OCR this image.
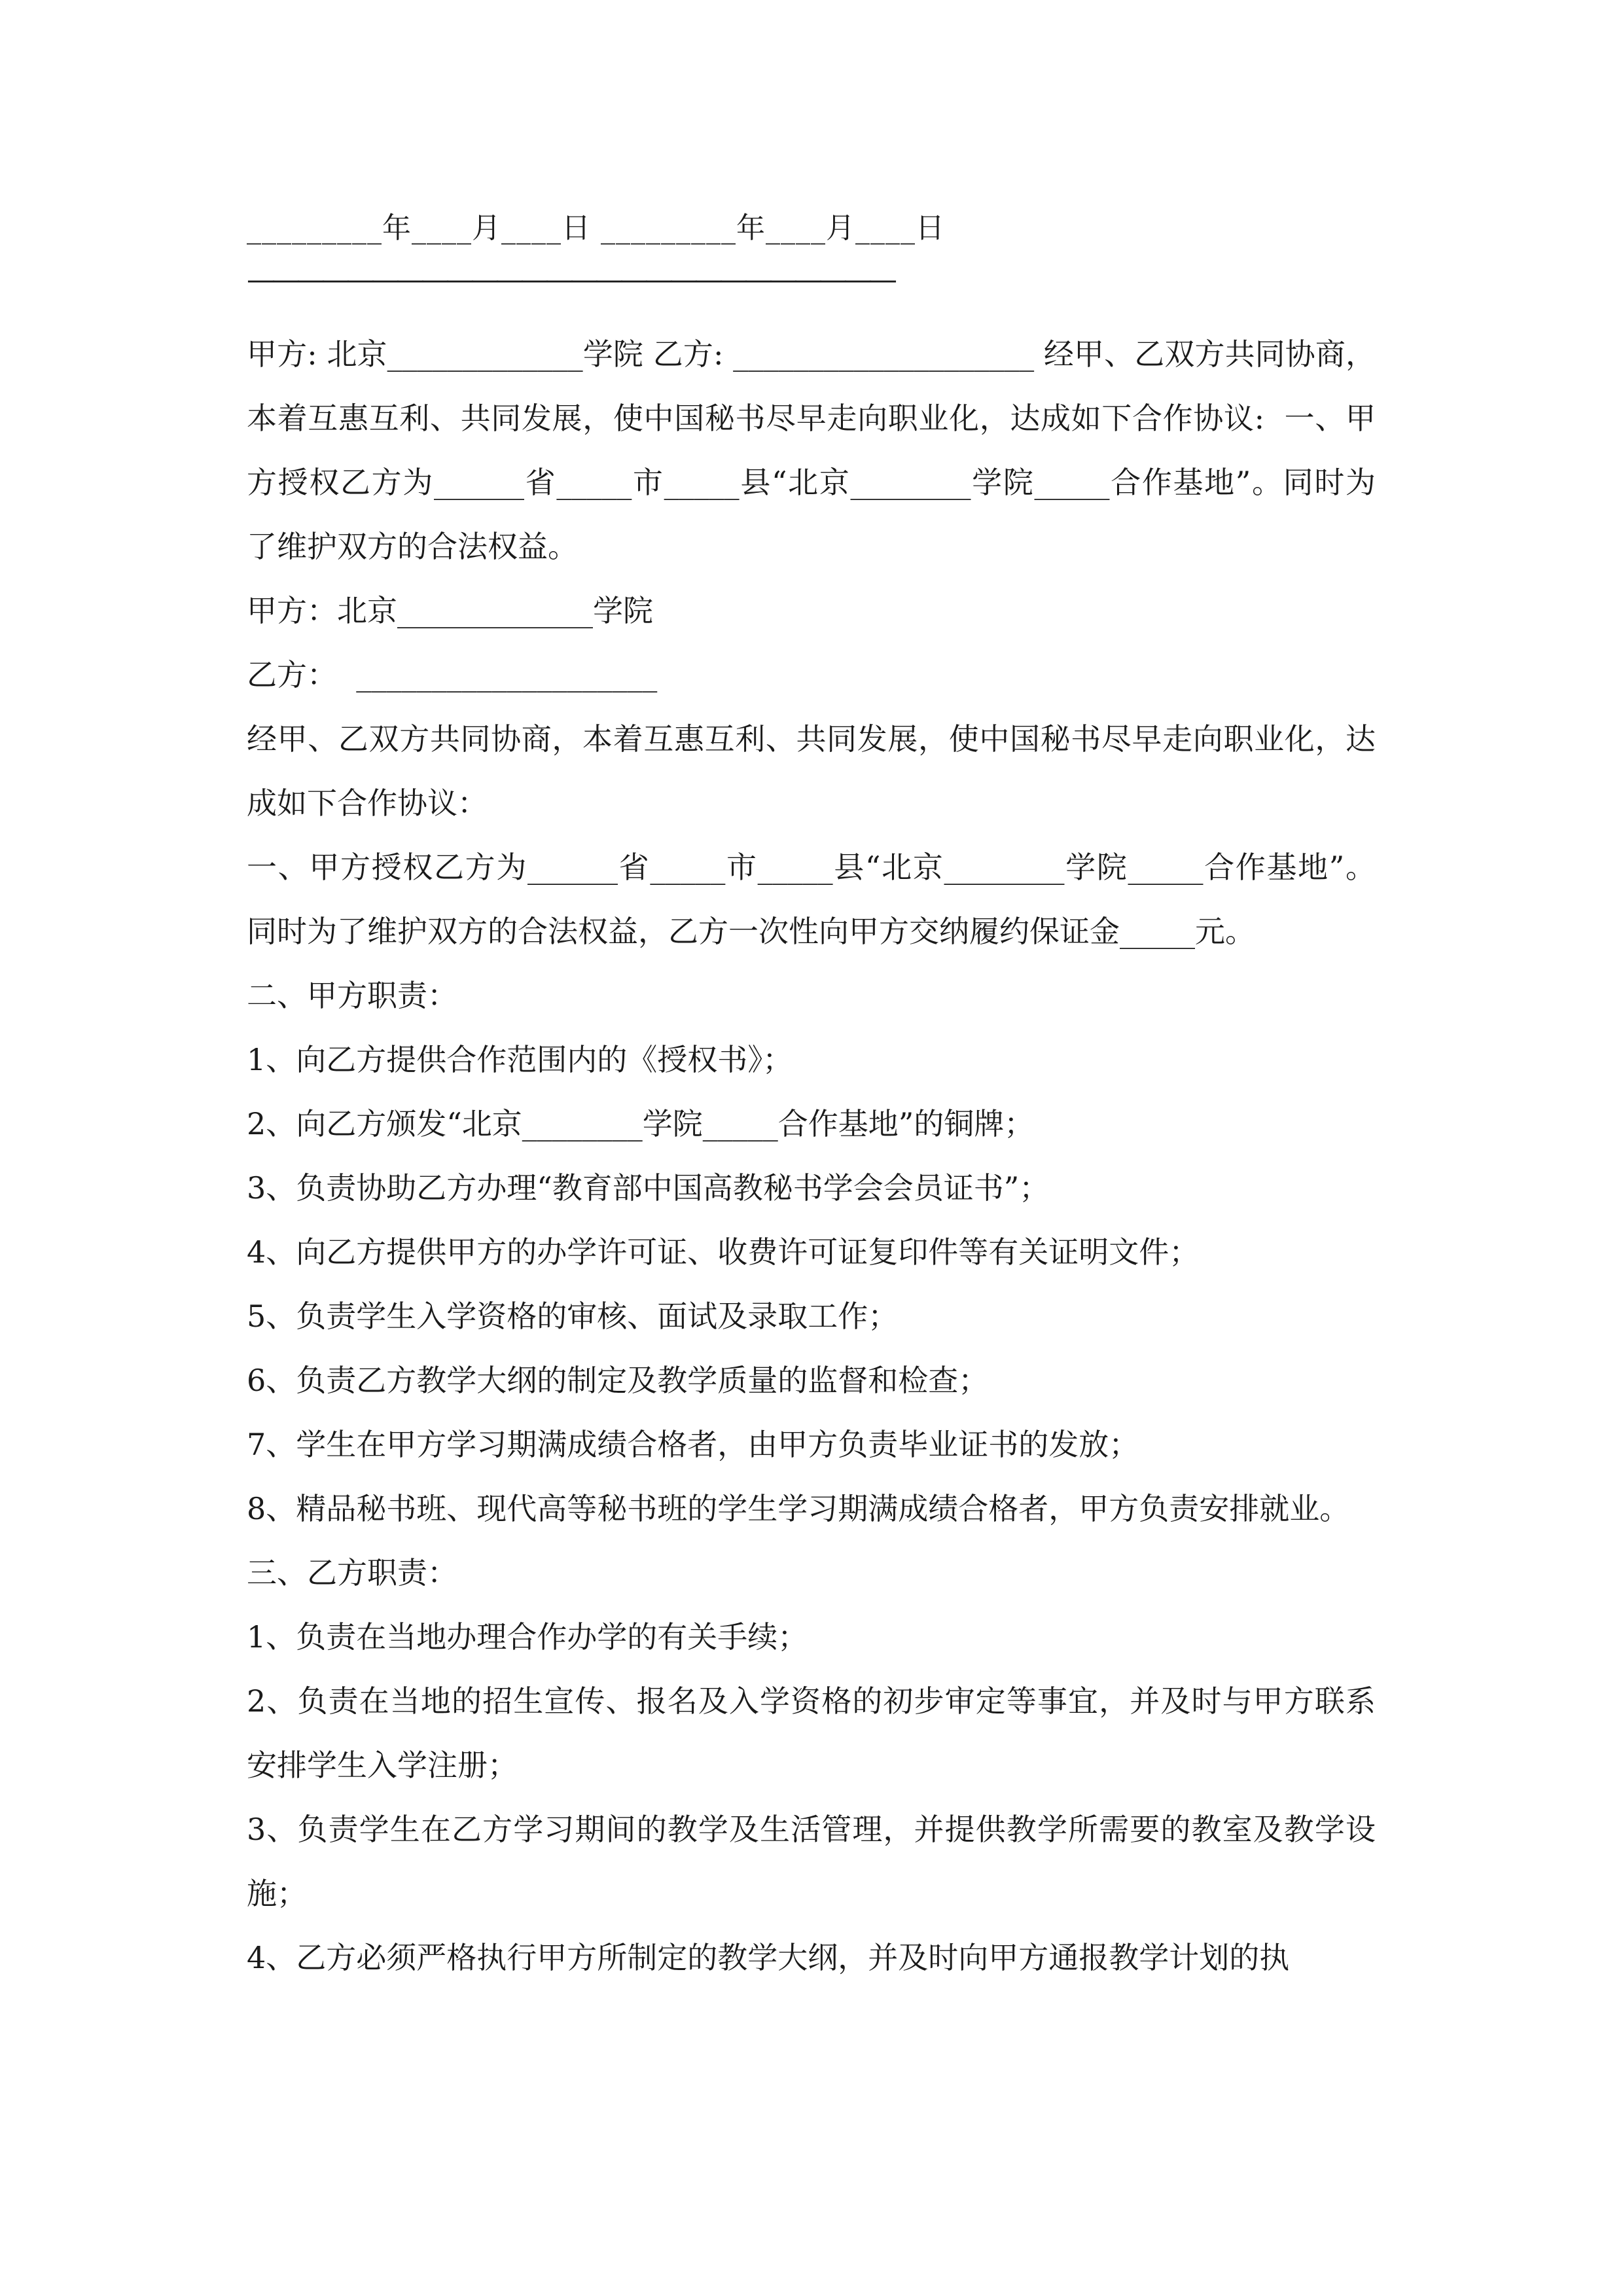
_________年____月____日 _________年____月____日
——————————————————————————

甲方: 北京_____________学院 乙方: ____________________ 经甲、乙双方共同协商，本着互惠互利、共同发展，使中国秘书尽早走向职业化，达成如下合作协议:  一、甲方授权乙方为______省_____市_____县“北京________学院_____合作基地”。同时为了维护双方的合法权益。

甲方：北京_____________学院

乙方：  ____________________

经甲、乙双方共同协商，本着互惠互利、共同发展，使中国秘书尽早走向职业化，达成如下合作协议：

一、甲方授权乙方为______省_____市_____县“北京________学院_____合作基地”。同时为了维护双方的合法权益，乙方一次性向甲方交纳履约保证金_____元。

二、甲方职责：

1、向乙方提供合作范围内的《授权书》；

2、向乙方颁发“北京________学院_____合作基地”的铜牌；

3、负责协助乙方办理“教育部中国高教秘书学会会员证书”；

4、向乙方提供甲方的办学许可证、收费许可证复印件等有关证明文件；

5、负责学生入学资格的审核、面试及录取工作；

6、负责乙方教学大纲的制定及教学质量的监督和检查；

7、学生在甲方学习期满成绩合格者，由甲方负责毕业证书的发放；

8、精品秘书班、现代高等秘书班的学生学习期满成绩合格者，甲方负责安排就业。

三、乙方职责：

1、负责在当地办理合作办学的有关手续；

2、负责在当地的招生宣传、报名及入学资格的初步审定等事宜，并及时与甲方联系安排学生入学注册；

3、负责学生在乙方学习期间的教学及生活管理，并提供教学所需要的教室及教学设施；

4、乙方必须严格执行甲方所制定的教学大纲，并及时向甲方通报教学计划的执
